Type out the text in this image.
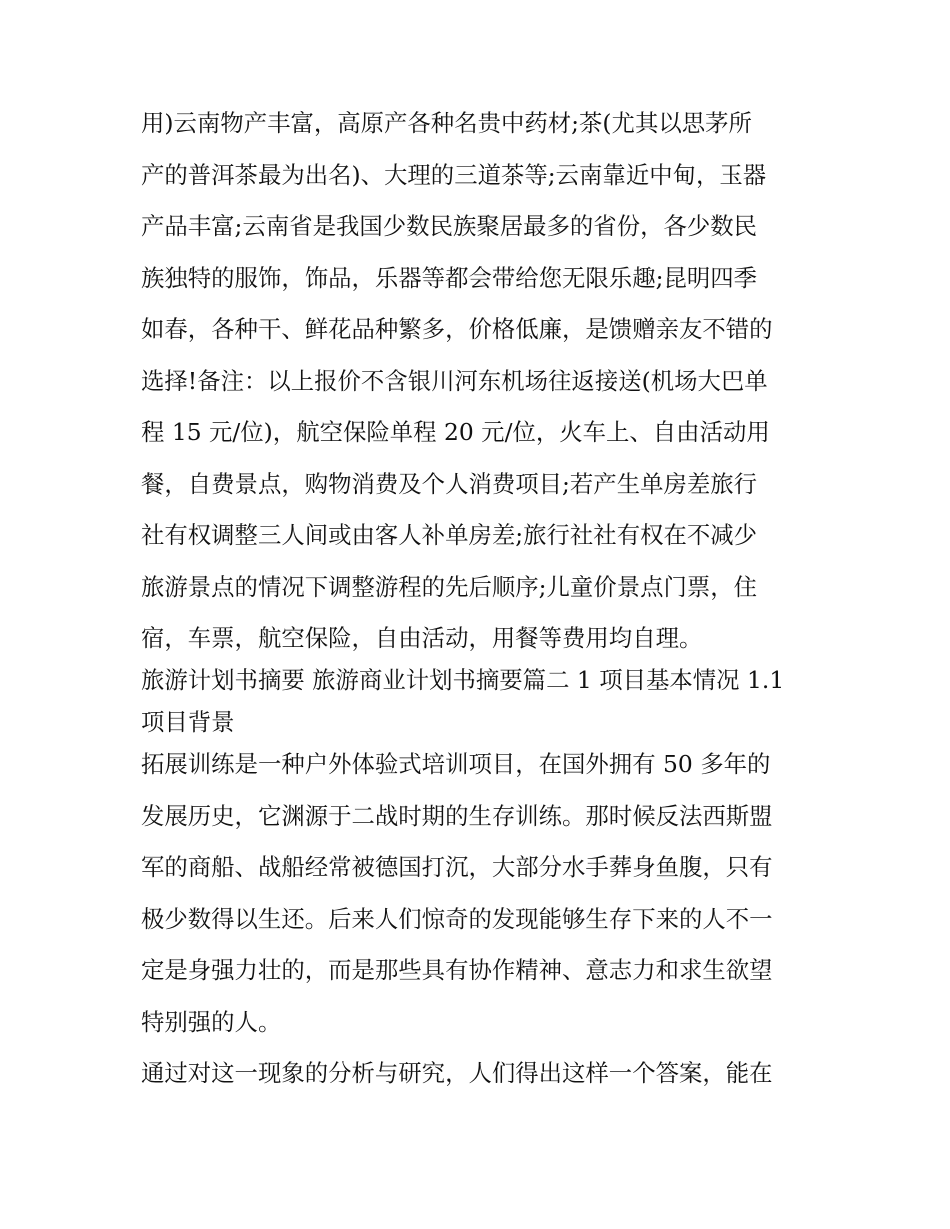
用)云南物产丰富，高原产各种名贵中药材;茶(尤其以思茅所
产的普洱茶最为出名)、大理的三道茶等;云南靠近中甸，玉器
产品丰富;云南省是我国少数民族聚居最多的省份，各少数民
族独特的服饰，饰品，乐器等都会带给您无限乐趣;昆明四季
如春，各种干、鲜花品种繁多，价格低廉，是馈赠亲友不错的
选择!备注：以上报价不含银川河东机场往返接送(机场大巴单
程 15 元/位)，航空保险单程 20 元/位，火车上、自由活动用
餐，自费景点，购物消费及个人消费项目;若产生单房差旅行
社有权调整三人间或由客人补单房差;旅行社社有权在不减少
旅游景点的情况下调整游程的先后顺序;儿童价景点门票，住
宿，车票，航空保险，自由活动，用餐等费用均自理。
旅游计划书摘要 旅游商业计划书摘要篇二 1 项目基本情况 1.1
项目背景
拓展训练是一种户外体验式培训项目，在国外拥有 50 多年的
发展历史，它渊源于二战时期的生存训练。那时候反法西斯盟
军的商船、战船经常被德国打沉，大部分水手葬身鱼腹，只有
极少数得以生还。后来人们惊奇的发现能够生存下来的人不一
定是身强力壮的，而是那些具有协作精神、意志力和求生欲望
特别强的人。
通过对这一现象的分析与研究，人们得出这样一个答案，能在
